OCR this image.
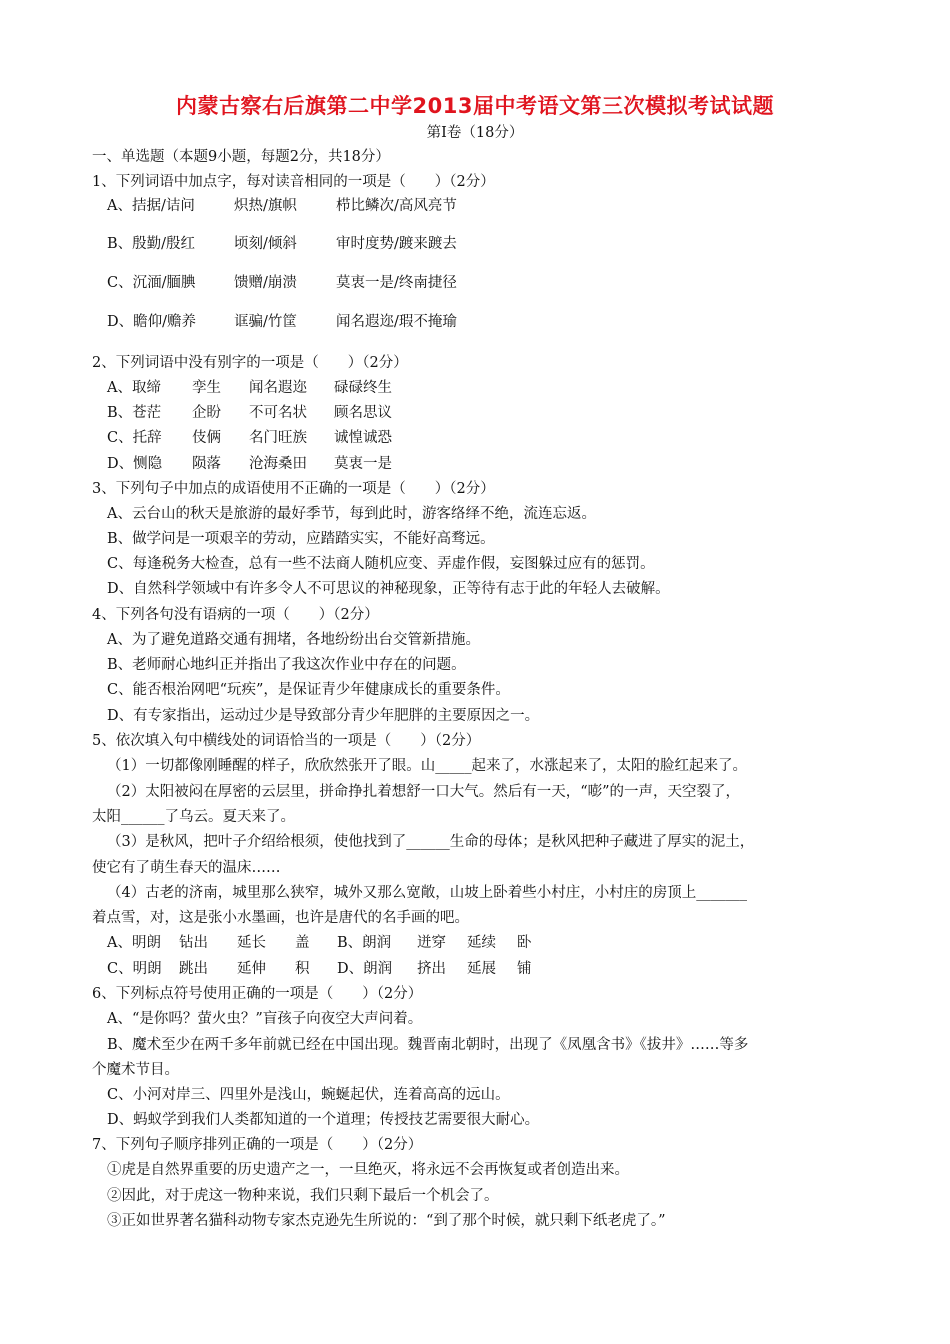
内蒙古察右后旗第二中学2013届中考语文第三次模拟考试试题
第Ⅰ卷（18分）
一、单选题（本题9小题，每题2分，共18分）
1、下列词语中加点字，每对读音相同的一项是（　　）（2分）
A、拮据/诘问	炽热/旗帜	栉比鳞次/高风亮节
B、殷勤/殷红	顷刻/倾斜	审时度势/踱来踱去
C、沉湎/腼腆	馈赠/崩溃	莫衷一是/终南捷径
D、瞻仰/赡养	诓骗/竹筐	闻名遐迩/瑕不掩瑜
2、下列词语中没有别字的一项是（　　）（2分）
A、取缔 孪生 闻名遐迩 碌碌终生
B、苍茫 企盼 不可名状 顾名思议
C、托辞 伎俩 名门旺族 诚惶诚恐
D、恻隐 陨落 沧海桑田 莫衷一是
3、下列句子中加点的成语使用不正确的一项是（　　）（2分）
A、云台山的秋天是旅游的最好季节，每到此时，游客络绎不绝，流连忘返。
B、做学问是一项艰辛的劳动，应踏踏实实，不能好高骛远。
C、每逢税务大检查，总有一些不法商人随机应变、弄虚作假，妄图躲过应有的惩罚。
D、自然科学领域中有许多令人不可思议的神秘现象，正等待有志于此的年轻人去破解。
4、下列各句没有语病的一项（　　）（2分）
A、为了避免道路交通有拥堵，各地纷纷出台交管新措施。
B、老师耐心地纠正并指出了我这次作业中存在的问题。
C、能否根治网吧“玩疾”，是保证青少年健康成长的重要条件。
D、有专家指出，运动过少是导致部分青少年肥胖的主要原因之一。
5、依次填入句中横线处的词语恰当的一项是（　　）（2分）
（1）一切都像刚睡醒的样子，欣欣然张开了眼。山_____起来了，水涨起来了，太阳的脸红起来了。
（2）太阳被闷在厚密的云层里，拼命挣扎着想舒一口大气。然后有一天，“嘭”的一声，天空裂了，
太阳______了乌云。夏天来了。
（3）是秋风，把叶子介绍给根须，使他找到了______生命的母体；是秋风把种子藏进了厚实的泥土，
使它有了萌生春天的温床……
（4）古老的济南，城里那么狭窄，城外又那么宽敞，山坡上卧着些小村庄，小村庄的房顶上_______
着点雪，对，这是张小水墨画，也许是唐代的名手画的吧。
A、明朗 钻出 延长 盖 B、朗润 迸穿 延续 卧
C、明朗 跳出 延伸 积 D、朗润 挤出 延展 铺
6、下列标点符号使用正确的一项是（　　）（2分）
A、“是你吗？萤火虫？”盲孩子向夜空大声问着。
B、魔术至少在两千多年前就已经在中国出现。魏晋南北朝时，出现了《凤凰含书》《拔井》……等多
个魔术节目。
C、小河对岸三、四里外是浅山，蜿蜒起伏，连着高高的远山。
D、蚂蚁学到我们人类都知道的一个道理；传授技艺需要很大耐心。
7、下列句子顺序排列正确的一项是（　　）（2分）
①虎是自然界重要的历史遗产之一，一旦绝灭，将永远不会再恢复或者创造出来。
②因此，对于虎这一物种来说，我们只剩下最后一个机会了。
③正如世界著名猫科动物专家杰克逊先生所说的：“到了那个时候，就只剩下纸老虎了。”
